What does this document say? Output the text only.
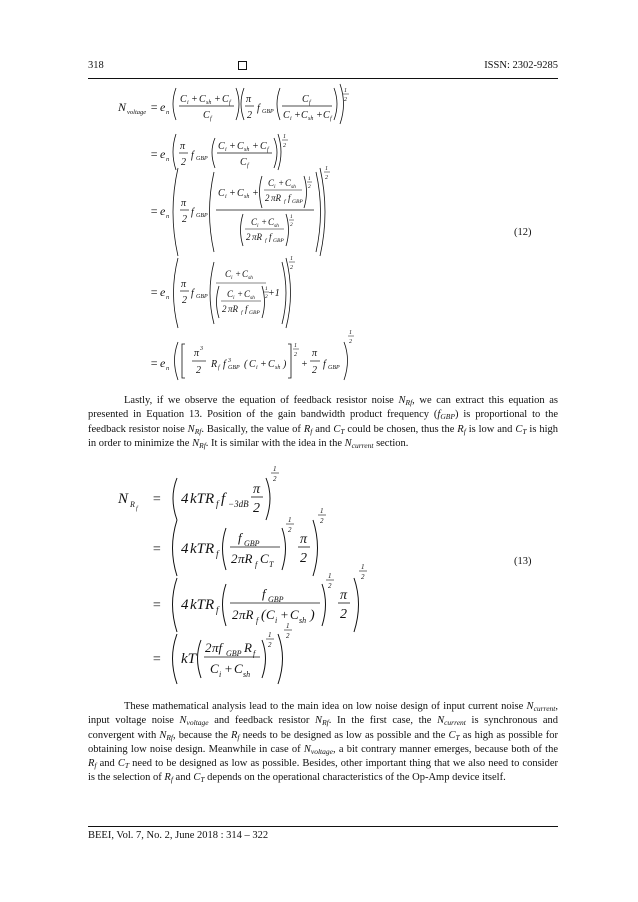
318	ISSN: 2302-9285
N voltage = e n
C i + C sh + C f
C f
π
2
f GBP
C f
C i + C sh + C f
1
2
= e n
π
2
f GBP
C i + C sh + C f
C f
1
2
= e n
π
2
f GBP
C i + C sh +
C i + C sh
2 πR f f GBP
1
2
C i + C sh
2 πR f f GBP
1
2
1
2
= e n
π
2
f GBP
C i + C sh
C i + C sh
2 πR f f GBP
1
2 +1
1
2
= e n
π 3
2
R f f 3
GBP ( C i + C sh )
1
2
+
π
2
f GBP
1
2
(12)
Lastly, if we observe the equation of feedback resistor noise $N_{Rf}$, we can extract this equation as presented in Equation 13. Position of the gain bandwidth product frequency $(f_{GBP})$ is proportional to the feedback resistor noise $N_{Rf}$. Basically, the value of $R_f$ and $C_T$ could be chosen, thus the $R_f$ is low and $C_T$ is high in order to minimize the $N_{Rf}$. It is similar with the idea in the $N_{current}$ section.
N R f
= 4 kTR f f −3dB
π
2
1
2
= 4 kTR f
f GBP
2 πR f C T
1
2
π
2
1
2
= 4 kTR f
f GBP
2 πR f ( C i + C sh )
1
2
π
2
1
2
= kT
2 πf GBP R f
C i + C sh
1
2
1
2
(13)
These mathematical analysis lead to the main idea on low noise design of input current noise $N_{current}$, input voltage noise $N_{voltage}$ and feedback resistor $N_{Rf}$. In the first case, the $N_{current}$ is synchronous and convergent with $N_{Rf}$, because the $R_f$ needs to be designed as low as possible and the $C_T$ as high as possible for obtaining low noise design. Meanwhile in case of $N_{voltage}$, a bit contrary manner emerges, because both of the $R_f$ and $C_T$ need to be designed as low as possible. Besides, other important thing that we also need to consider is the selection of $R_f$ and $C_T$ depends on the operational characteristics of the Op-Amp device itself.
BEEI, Vol. 7, No. 2, June 2018 : 314 – 322
